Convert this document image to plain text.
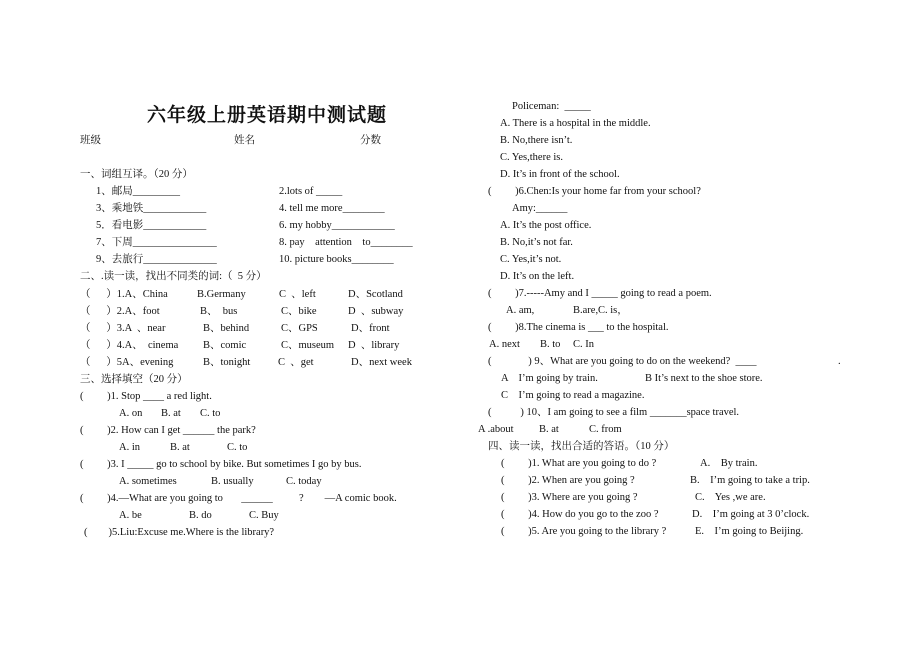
六年级上册英语期中测试题
班级	姓名	分数
一、词组互译。（20 分）
1、邮局_________	2.lots of _____
3、乘地铁____________	4. tell me more________
5．看电影____________	6. my hobby____________
7、下周________________	8. pay    attention    to________
9、去旅行______________	10. picture books________
二、.读一读，找出不同类的词:（  5 分）
（      ）1.A、China	B.Germany	C  、left	D、Scotland
（      ）2.A、foot	B、  bus	C、bike	D  、subway
（      ）3.A  、near	B、behind	C、GPS	D、front
（      ）4.A、  cinema B、comic	C、museum D  、library
（      ）5A、evening	B、tonight	C  、get	D、next week
三、选择填空（20 分）
(         )1. Stop ____ a red light.
A. on B. at C. to
(         )2. How can I get ______ the park?
A. in	B. at	C. to
(         )3. I _____ go to school by bike. But sometimes I go by bus.
A. sometimes	B. usually	C. today
(         )4.—What are you going to       ______          ?        —A comic book.
A. be	B. do	C. Buy
(        )5.Liu:Excuse me.Where is the library?
Policeman:  _____
A. There is a hospital in the middle.
B. No,there isn’t.
C. Yes,there is.
D. It’s in front of the school.
(         )6.Chen:Is your home far from your school?
Amy:______
A. It’s the post office.
B. No,it’s not far.
C. Yes,it’s not.
D. It’s on the left.
(         )7.-----Amy and I _____ going to read a poem.
A. am,	B.are, C. is，
(         )8.The cinema is ___ to the hospital.
A. next B. to C. In
(              ) 9、What are you going to do on the weekend?  ____	.
A    I’m going by train.	B It’s next to the shoe store.
C    I’m going to read a magazine.
(           ) 10、I am going to see a film _______space travel.
A .about B. at	C. from
四、读一读，找出合适的答语。（10 分）
(         )1. What are you going to do ?	A.    By train.
(         )2. When are you going ?	B.    I’m going to take a trip.
(         )3. Where are you going ?	C.    Yes ,we are.
(         )4. How do you go to the zoo ?	D.    I’m going at 3 0’clock.
(         )5. Are you going to the library ?	E.    I’m going to Beijing.
